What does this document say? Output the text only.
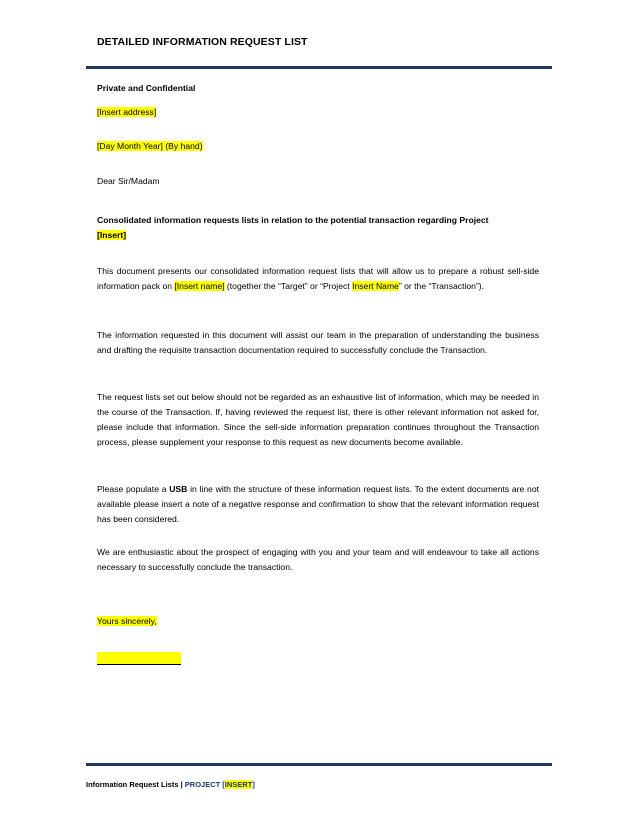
DETAILED INFORMATION REQUEST LIST
Private and Confidential
[Insert address]
[Day Month Year] (By hand)
Dear Sir/Madam
Consolidated information requests lists in relation to the potential transaction regarding Project
[Insert]
This document presents our consolidated information request lists that will allow us to prepare a robust sell-side information pack on [Insert name] (together the “Target” or “Project Insert Name” or the “Transaction”).
The information requested in this document will assist our team in the preparation of understanding the business and drafting the requisite transaction documentation required to successfully conclude the Transaction.
The request lists set out below should not be regarded as an exhaustive list of information, which may be needed in the course of the Transaction. If, having reviewed the request list, there is other relevant information not asked for, please include that information. Since the sell-side information preparation continues throughout the Transaction process, please supplement your response to this request as new documents become available.
Please populate a USB in line with the structure of these information request lists. To the extent documents are not available please insert a note of a negative response and confirmation to show that the relevant information request has been considered.
We are enthusiastic about the prospect of engaging with you and your team and will endeavour to take all actions necessary to successfully conclude the transaction.
Yours sincerely,
Information Request Lists | PROJECT [INSERT]
